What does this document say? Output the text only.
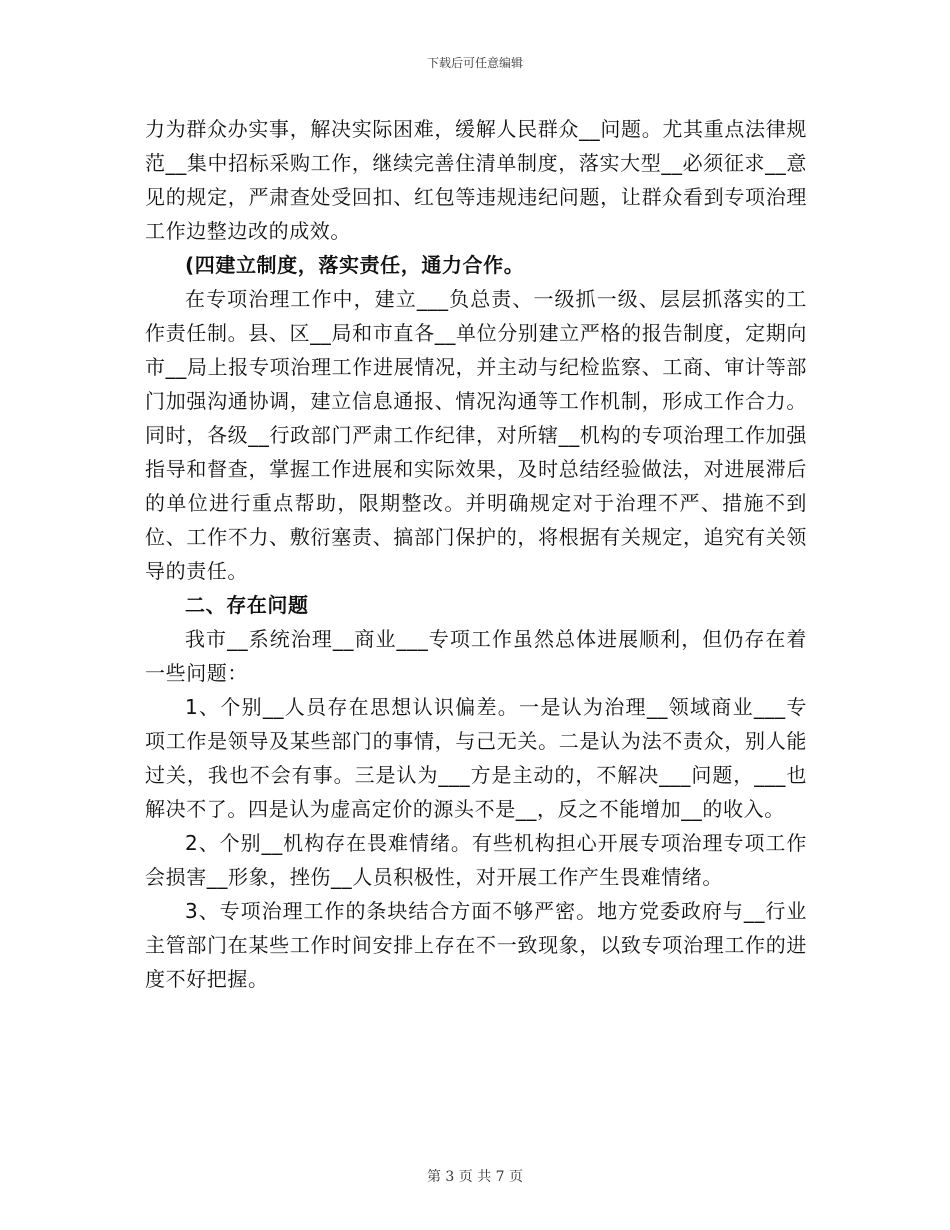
下载后可任意编辑

力为群众办实事，解决实际困难，缓解人民群众__问题。尤其重点法律规范__集中招标采购工作，继续完善住清单制度，落实大型__必须征求__意见的规定，严肃查处受回扣、红包等违规违纪问题，让群众看到专项治理工作边整边改的成效。

(四建立制度，落实责任，通力合作。

在专项治理工作中，建立___负总责、一级抓一级、层层抓落实的工作责任制。县、区__局和市直各__单位分别建立严格的报告制度，定期向市__局上报专项治理工作进展情况，并主动与纪检监察、工商、审计等部门加强沟通协调，建立信息通报、情况沟通等工作机制，形成工作合力。同时，各级__行政部门严肃工作纪律，对所辖__机构的专项治理工作加强指导和督查，掌握工作进展和实际效果，及时总结经验做法，对进展滞后的单位进行重点帮助，限期整改。并明确规定对于治理不严、措施不到位、工作不力、敷衍塞责、搞部门保护的，将根据有关规定，追究有关领导的责任。

二、存在问题

我市__系统治理__商业___专项工作虽然总体进展顺利，但仍存在着一些问题：

1、个别__人员存在思想认识偏差。一是认为治理__领域商业___专项工作是领导及某些部门的事情，与己无关。二是认为法不责众，别人能过关，我也不会有事。三是认为___方是主动的，不解决___问题，___也解决不了。四是认为虚高定价的源头不是__，反之不能增加__的收入。

2、个别__机构存在畏难情绪。有些机构担心开展专项治理专项工作会损害__形象，挫伤__人员积极性，对开展工作产生畏难情绪。

3、专项治理工作的条块结合方面不够严密。地方党委政府与__行业主管部门在某些工作时间安排上存在不一致现象，以致专项治理工作的进度不好把握。

第 3 页 共 7 页
